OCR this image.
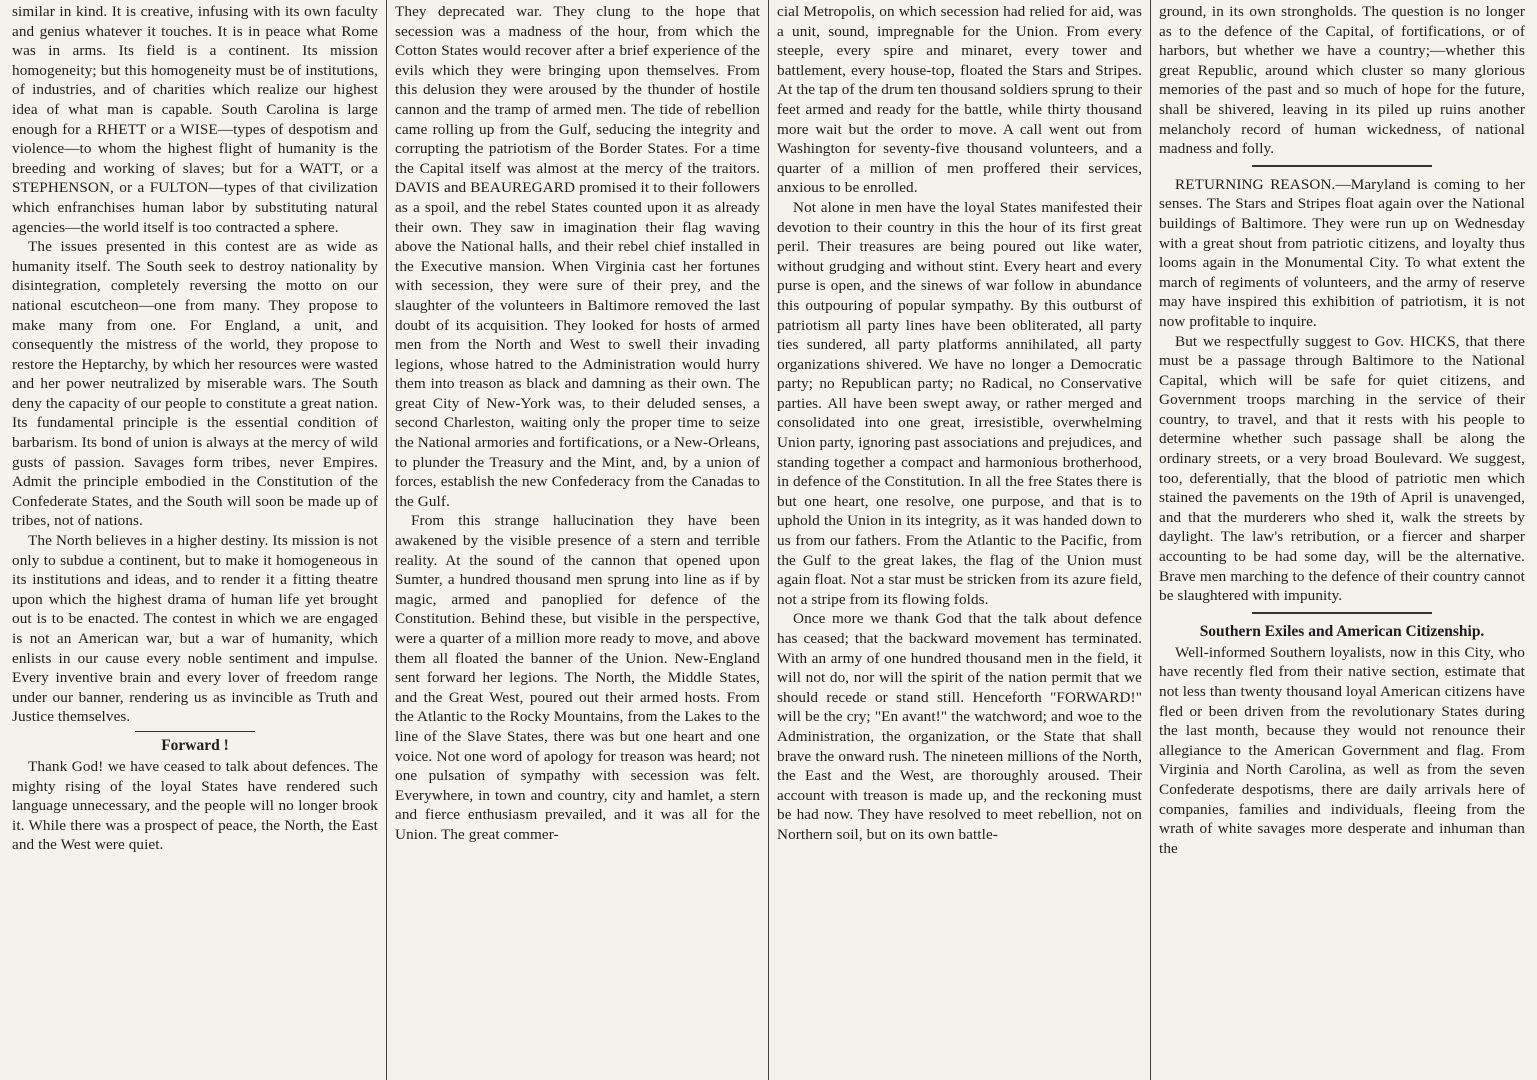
similar in kind. It is creative, infusing with its own faculty and genius whatever it touches. It is in peace what Rome was in arms. Its field is a continent. Its mission homogeneity; but this homogeneity must be of institutions, of industries, and of charities which realize our highest idea of what man is capable. South Carolina is large enough for a RHETT or a WISE—types of despotism and violence—to whom the highest flight of humanity is the breeding and working of slaves; but for a WATT, or a STEPHENSON, or a FULTON—types of that civilization which enfranchises human labor by substituting natural agencies—the world itself is too contracted a sphere.

The issues presented in this contest are as wide as humanity itself. The South seek to destroy nationality by disintegration, completely reversing the motto on our national escutcheon—one from many. They propose to make many from one. For England, a unit, and consequently the mistress of the world, they propose to restore the Heptarchy, by which her resources were wasted and her power neutralized by miserable wars. The South deny the capacity of our people to constitute a great nation. Its fundamental principle is the essential condition of barbarism. Its bond of union is always at the mercy of wild gusts of passion. Savages form tribes, never Empires. Admit the principle embodied in the Constitution of the Confederate States, and the South will soon be made up of tribes, not of nations.

The North believes in a higher destiny. Its mission is not only to subdue a continent, but to make it homogeneous in its institutions and ideas, and to render it a fitting theatre upon which the highest drama of human life yet brought out is to be enacted. The contest in which we are engaged is not an American war, but a war of humanity, which enlists in our cause every noble sentiment and impulse. Every inventive brain and every lover of freedom range under our banner, rendering us as invincible as Truth and Justice themselves.

Forward !

Thank God! we have ceased to talk about defences. The mighty rising of the loyal States have rendered such language unnecessary, and the people will no longer brook it. While there was a prospect of peace, the North, the East and the West were quiet.

They deprecated war. They clung to the hope that secession was a madness of the hour, from which the Cotton States would recover after a brief experience of the evils which they were bringing upon themselves. From this delusion they were aroused by the thunder of hostile cannon and the tramp of armed men. The tide of rebellion came rolling up from the Gulf, seducing the integrity and corrupting the patriotism of the Border States. For a time the Capital itself was almost at the mercy of the traitors. DAVIS and BEAUREGARD promised it to their followers as a spoil, and the rebel States counted upon it as already their own. They saw in imagination their flag waving above the National halls, and their rebel chief installed in the Executive mansion. When Virginia cast her fortunes with secession, they were sure of their prey, and the slaughter of the volunteers in Baltimore removed the last doubt of its acquisition. They looked for hosts of armed men from the North and West to swell their invading legions, whose hatred to the Administration would hurry them into treason as black and damning as their own. The great City of New-York was, to their deluded senses, a second Charleston, waiting only the proper time to seize the National armories and fortifications, or a New-Orleans, to plunder the Treasury and the Mint, and, by a union of forces, establish the new Confederacy from the Canadas to the Gulf.

From this strange hallucination they have been awakened by the visible presence of a stern and terrible reality. At the sound of the cannon that opened upon Sumter, a hundred thousand men sprung into line as if by magic, armed and panoplied for defence of the Constitution. Behind these, but visible in the perspective, were a quarter of a million more ready to move, and above them all floated the banner of the Union. New-England sent forward her legions. The North, the Middle States, and the Great West, poured out their armed hosts. From the Atlantic to the Rocky Mountains, from the Lakes to the line of the Slave States, there was but one heart and one voice. Not one word of apology for treason was heard; not one pulsation of sympathy with secession was felt. Everywhere, in town and country, city and hamlet, a stern and fierce enthusiasm prevailed, and it was all for the Union. The great commer-

cial Metropolis, on which secession had relied for aid, was a unit, sound, impregnable for the Union. From every steeple, every spire and minaret, every tower and battlement, every house-top, floated the Stars and Stripes. At the tap of the drum ten thousand soldiers sprung to their feet armed and ready for the battle, while thirty thousand more wait but the order to move. A call went out from Washington for seventy-five thousand volunteers, and a quarter of a million of men proffered their services, anxious to be enrolled.

Not alone in men have the loyal States manifested their devotion to their country in this the hour of its first great peril. Their treasures are being poured out like water, without grudging and without stint. Every heart and every purse is open, and the sinews of war follow in abundance this outpouring of popular sympathy. By this outburst of patriotism all party lines have been obliterated, all party ties sundered, all party platforms annihilated, all party organizations shivered. We have no longer a Democratic party; no Republican party; no Radical, no Conservative parties. All have been swept away, or rather merged and consolidated into one great, irresistible, overwhelming Union party, ignoring past associations and prejudices, and standing together a compact and harmonious brotherhood, in defence of the Constitution. In all the free States there is but one heart, one resolve, one purpose, and that is to uphold the Union in its integrity, as it was handed down to us from our fathers. From the Atlantic to the Pacific, from the Gulf to the great lakes, the flag of the Union must again float. Not a star must be stricken from its azure field, not a stripe from its flowing folds.

Once more we thank God that the talk about defence has ceased; that the backward movement has terminated. With an army of one hundred thousand men in the field, it will not do, nor will the spirit of the nation permit that we should recede or stand still. Henceforth "FORWARD!" will be the cry; "En avant!" the watchword; and woe to the Administration, the organization, or the State that shall brave the onward rush. The nineteen millions of the North, the East and the West, are thoroughly aroused. Their account with treason is made up, and the reckoning must be had now. They have resolved to meet rebellion, not on Northern soil, but on its own battle-

ground, in its own strongholds. The question is no longer as to the defence of the Capital, of fortifications, or of harbors, but whether we have a country;—whether this great Republic, around which cluster so many glorious memories of the past and so much of hope for the future, shall be shivered, leaving in its piled up ruins another melancholy record of human wickedness, of national madness and folly.

RETURNING REASON.—Maryland is coming to her senses. The Stars and Stripes float again over the National buildings of Baltimore. They were run up on Wednesday with a great shout from patriotic citizens, and loyalty thus looms again in the Monumental City. To what extent the march of regiments of volunteers, and the army of reserve may have inspired this exhibition of patriotism, it is not now profitable to inquire.

But we respectfully suggest to Gov. HICKS, that there must be a passage through Baltimore to the National Capital, which will be safe for quiet citizens, and Government troops marching in the service of their country, to travel, and that it rests with his people to determine whether such passage shall be along the ordinary streets, or a very broad Boulevard. We suggest, too, deferentially, that the blood of patriotic men which stained the pavements on the 19th of April is unavenged, and that the murderers who shed it, walk the streets by daylight. The law's retribution, or a fiercer and sharper accounting to be had some day, will be the alternative. Brave men marching to the defence of their country cannot be slaughtered with impunity.

Southern Exiles and American Citizenship.

Well-informed Southern loyalists, now in this City, who have recently fled from their native section, estimate that not less than twenty thousand loyal American citizens have fled or been driven from the revolutionary States during the last month, because they would not renounce their allegiance to the American Government and flag. From Virginia and North Carolina, as well as from the seven Confederate despotisms, there are daily arrivals here of companies, families and individuals, fleeing from the wrath of white savages more desperate and inhuman than the
